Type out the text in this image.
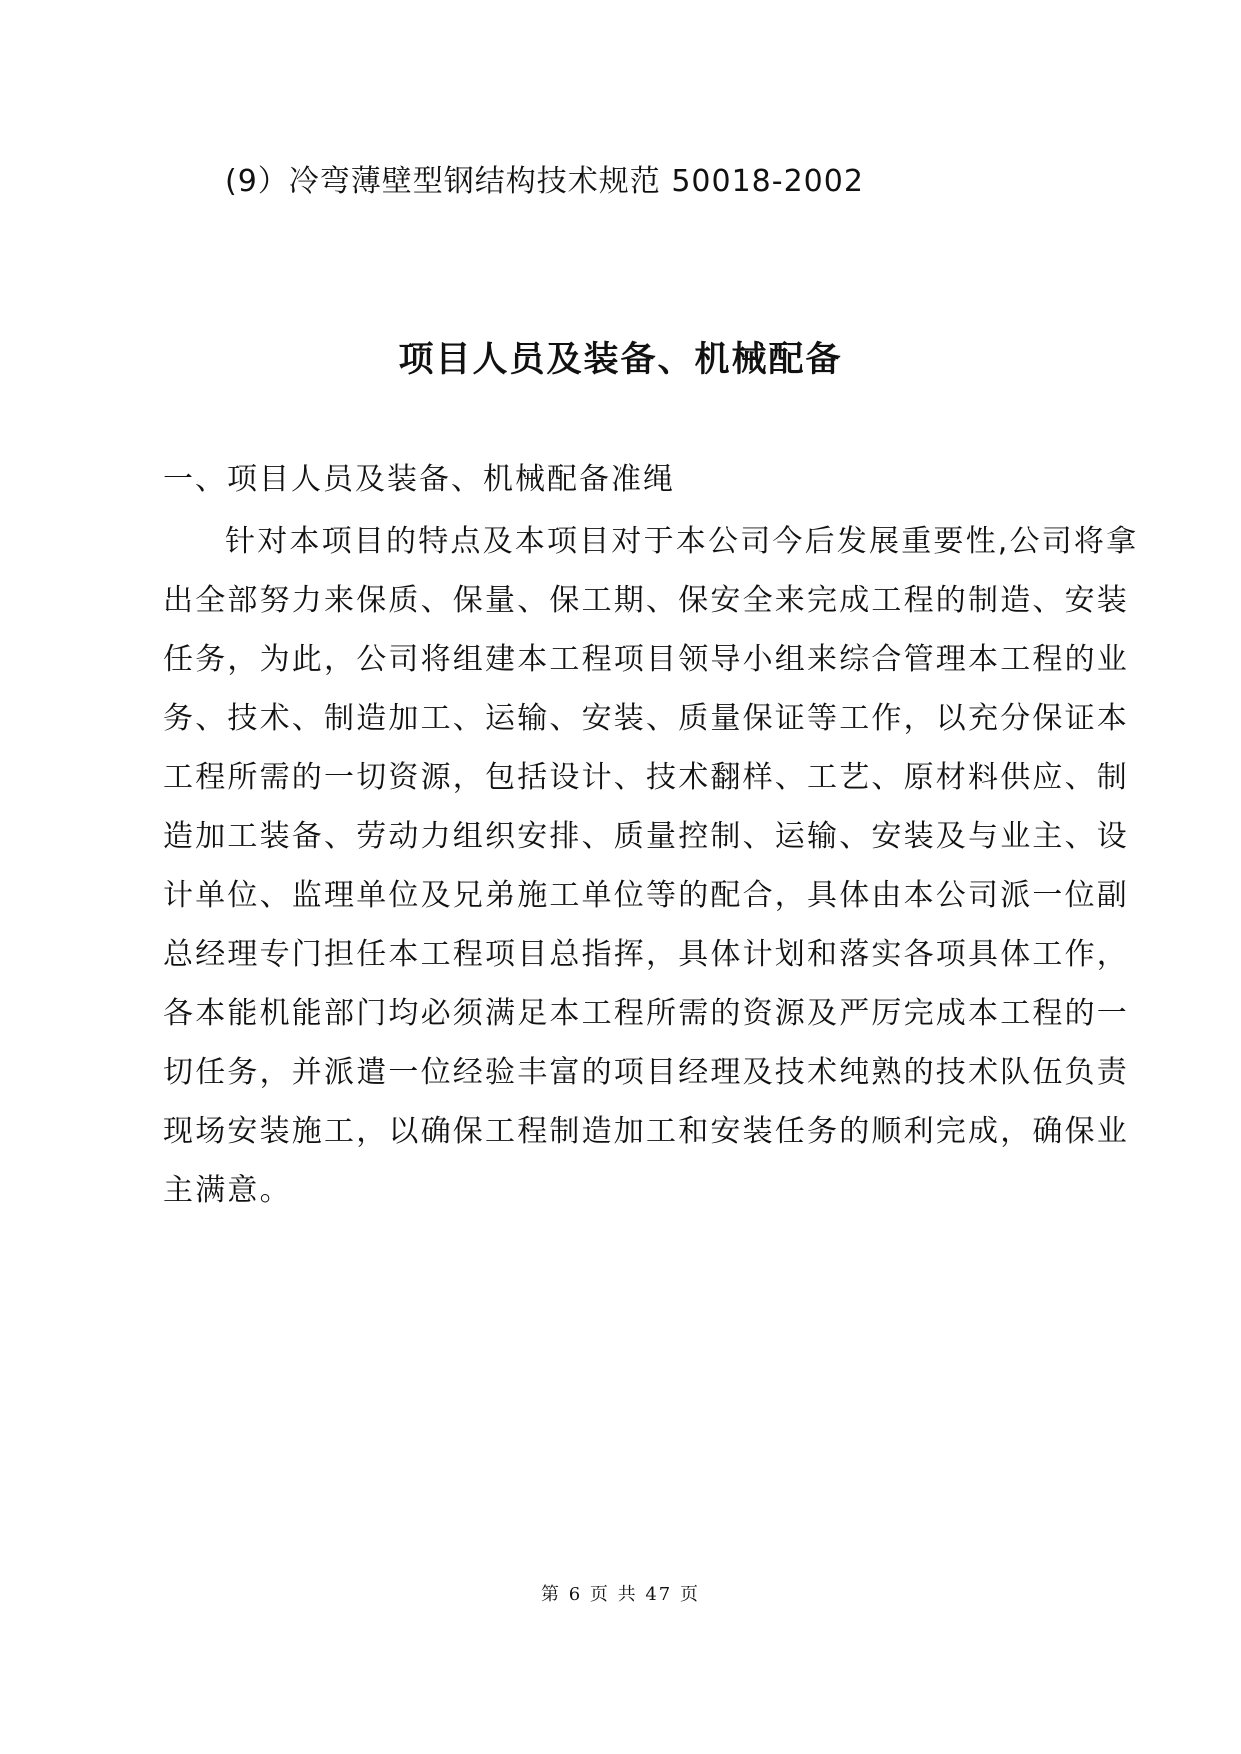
(9）冷弯薄壁型钢结构技术规范 50018-2002
项目人员及装备、机械配备
一、项目人员及装备、机械配备准绳
针对本项目的特点及本项目对于本公司今后发展重要性,公司将拿
出全部努力来保质、保量、保工期、保安全来完成工程的制造、安装
任务，为此，公司将组建本工程项目领导小组来综合管理本工程的业
务、技术、制造加工、运输、安装、质量保证等工作，以充分保证本
工程所需的一切资源，包括设计、技术翻样、工艺、原材料供应、制
造加工装备、劳动力组织安排、质量控制、运输、安装及与业主、设
计单位、监理单位及兄弟施工单位等的配合，具体由本公司派一位副
总经理专门担任本工程项目总指挥，具体计划和落实各项具体工作，
各本能机能部门均必须满足本工程所需的资源及严厉完成本工程的一
切任务，并派遣一位经验丰富的项目经理及技术纯熟的技术队伍负责
现场安装施工，以确保工程制造加工和安装任务的顺利完成，确保业
主满意。
第 6 页 共 47 页
